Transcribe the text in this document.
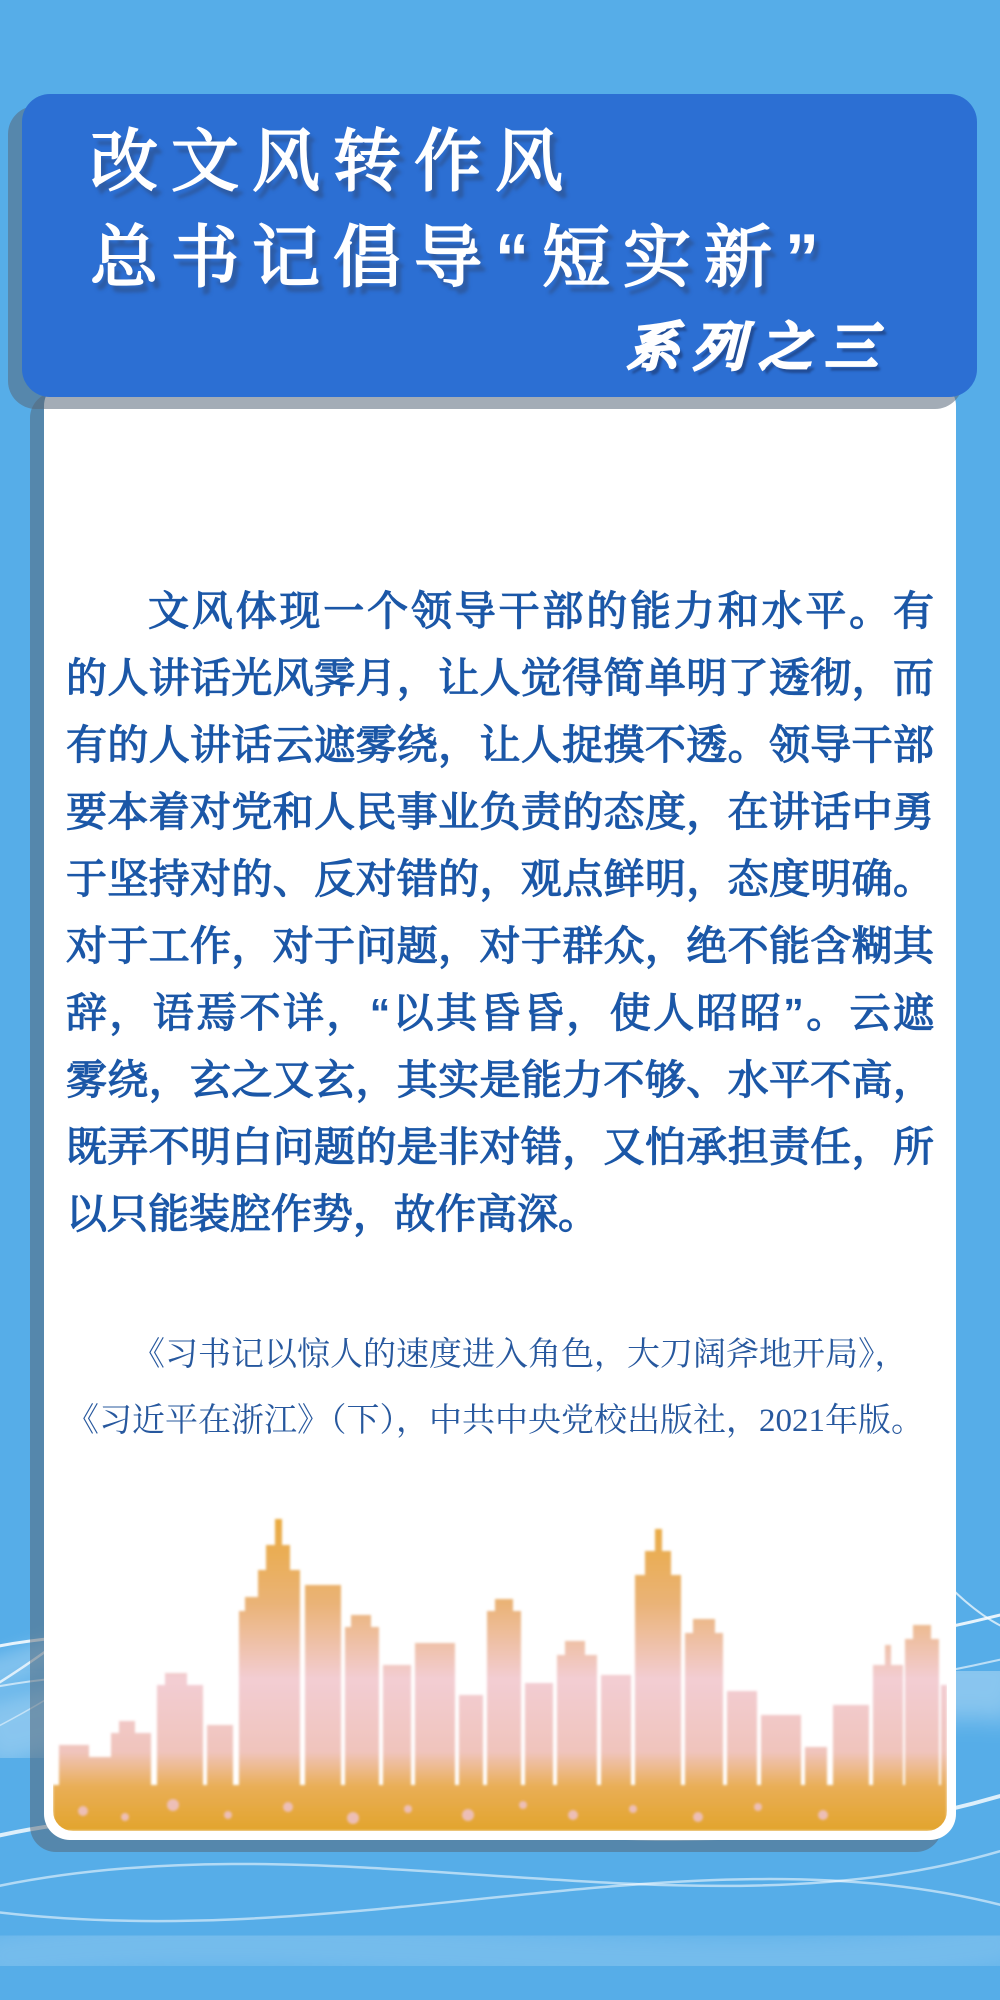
文风体现一个领导干部的能力和水平。有
的人讲话光风霁月，让人觉得简单明了透彻，而
有的人讲话云遮雾绕，让人捉摸不透。领导干部
要本着对党和人民事业负责的态度，在讲话中勇
于坚持对的、反对错的，观点鲜明，态度明确。
对于工作，对于问题，对于群众，绝不能含糊其
辞，语焉不详，“以其昏昏，使人昭昭”。云遮
雾绕，玄之又玄，其实是能力不够、水平不高，
既弄不明白问题的是非对错，又怕承担责任，所
以只能装腔作势，故作高深。
《习书记以惊人的速度进入角色，大刀阔斧地开局》，
《习近平在浙江》（下），中共中央党校出版社，2021年版。
改文风转作风
总书记倡导“短实新”
系列之三
